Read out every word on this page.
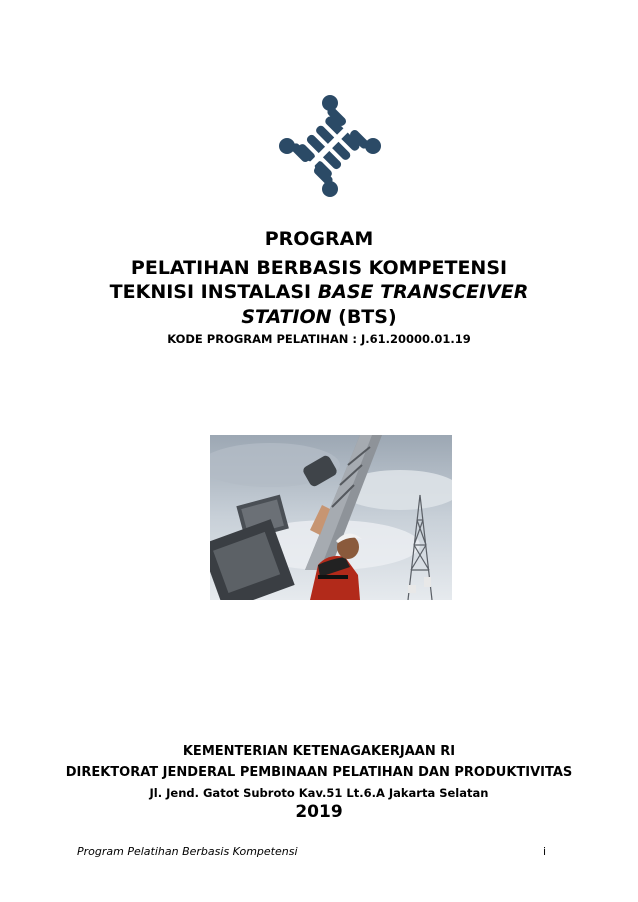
PROGRAM
PELATIHAN BERBASIS KOMPETENSI
TEKNISI INSTALASI BASE TRANSCEIVER
STATION (BTS)
KODE PROGRAM PELATIHAN : J.61.20000.01.19
KEMENTERIAN KETENAGAKERJAAN RI
DIREKTORAT JENDERAL PEMBINAAN PELATIHAN DAN PRODUKTIVITAS
Jl. Jend. Gatot Subroto Kav.51 Lt.6.A Jakarta Selatan
2019
Program Pelatihan Berbasis Kompetensi	i
